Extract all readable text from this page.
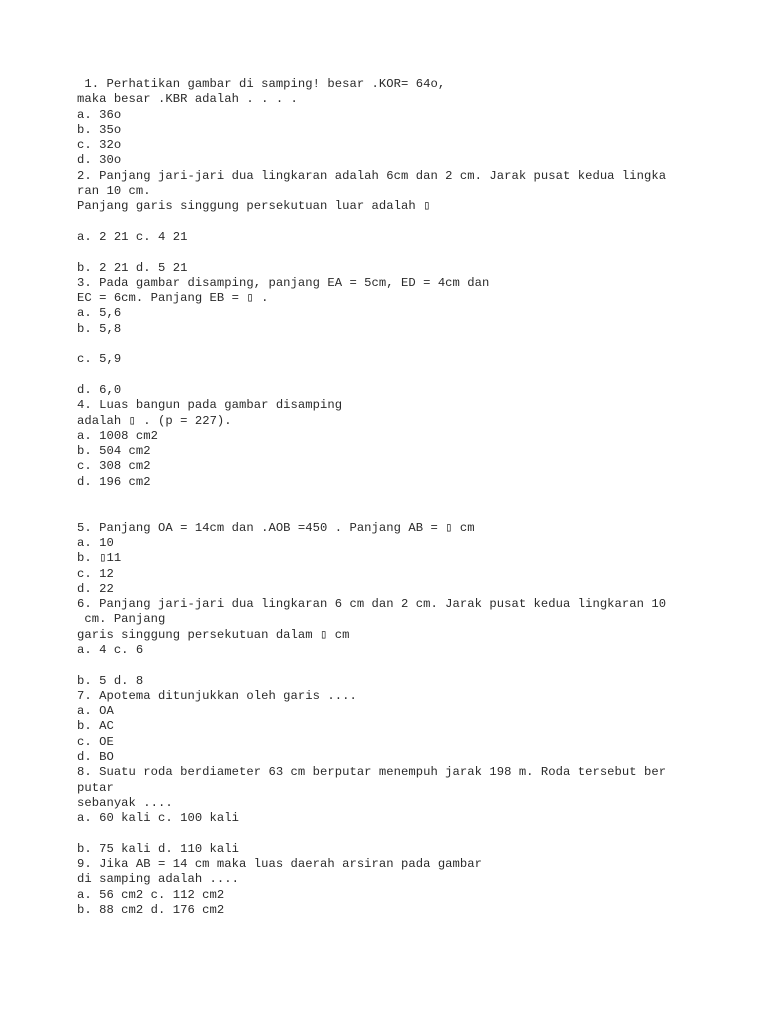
1. Perhatikan gambar di samping! besar .KOR= 64o,
maka besar .KBR adalah . . . .
a. 36o
b. 35o
c. 32o
d. 30o
2. Panjang jari-jari dua lingkaran adalah 6cm dan 2 cm. Jarak pusat kedua lingka
ran 10 cm.
Panjang garis singgung persekutuan luar adalah ▯
a. 2 21 c. 4 21
b. 2 21 d. 5 21
3. Pada gambar disamping, panjang EA = 5cm, ED = 4cm dan
EC = 6cm. Panjang EB = ▯ .
a. 5,6
b. 5,8
c. 5,9
d. 6,0
4. Luas bangun pada gambar disamping
adalah ▯ . (p = 227).
a. 1008 cm2
b. 504 cm2
c. 308 cm2
d. 196 cm2
5. Panjang OA = 14cm dan .AOB =450 . Panjang AB = ▯ cm
a. 10
b. ▯11
c. 12
d. 22
6. Panjang jari-jari dua lingkaran 6 cm dan 2 cm. Jarak pusat kedua lingkaran 10
cm. Panjang
garis singgung persekutuan dalam ▯ cm
a. 4 c. 6
b. 5 d. 8
7. Apotema ditunjukkan oleh garis ....
a. OA
b. AC
c. OE
d. BO
8. Suatu roda berdiameter 63 cm berputar menempuh jarak 198 m. Roda tersebut ber
putar
sebanyak ....
a. 60 kali c. 100 kali
b. 75 kali d. 110 kali
9. Jika AB = 14 cm maka luas daerah arsiran pada gambar
di samping adalah ....
a. 56 cm2 c. 112 cm2
b. 88 cm2 d. 176 cm2
